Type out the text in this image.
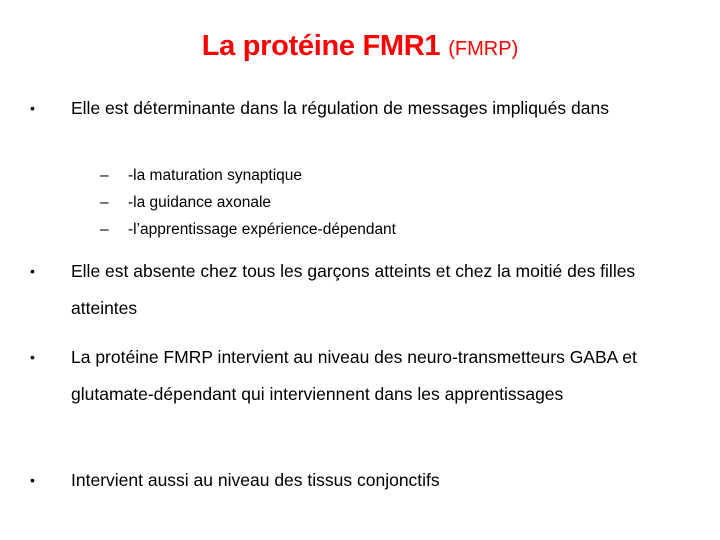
La protéine FMR1 (FMRP)
•	Elle est déterminante dans la régulation de messages impliqués dans
–	-la maturation synaptique
–	-la guidance axonale
–	-l’apprentissage expérience-dépendant
•	Elle est absente chez tous les garçons atteints et chez la moitié des filles atteintes
•	La protéine FMRP intervient au niveau des neuro-transmetteurs GABA et glutamate-dépendant qui interviennent dans les apprentissages
•	Intervient aussi au niveau des tissus conjonctifs
